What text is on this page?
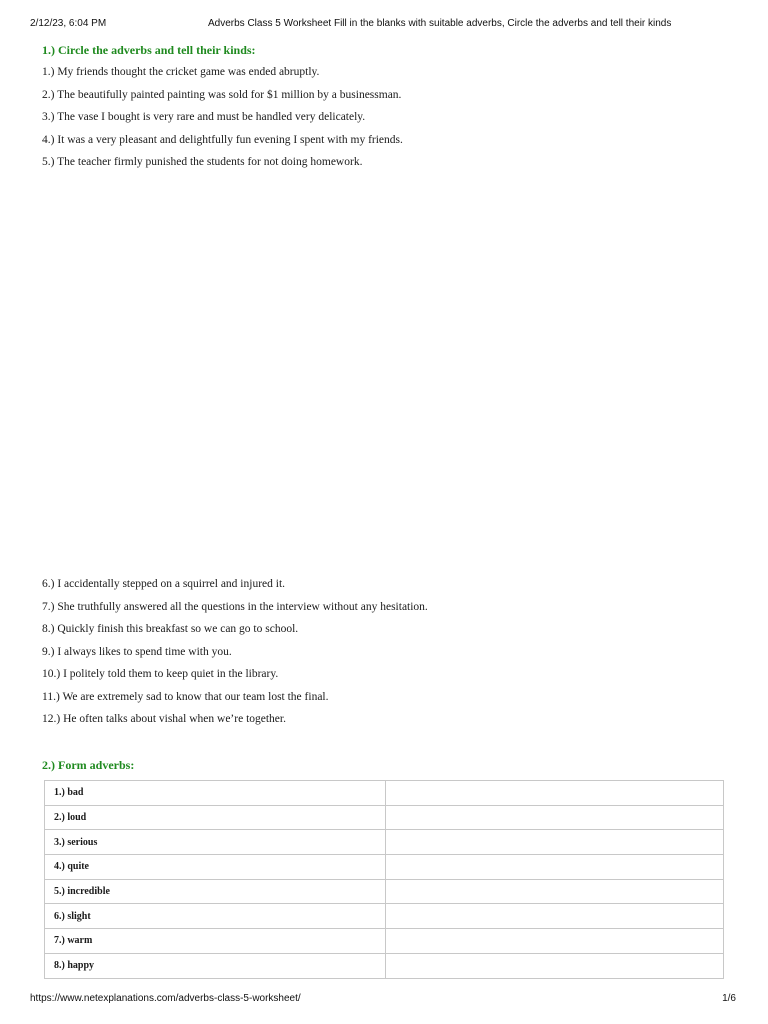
2/12/23, 6:04 PM	Adverbs Class 5 Worksheet Fill in the blanks with suitable adverbs, Circle the adverbs and tell their kinds
1.) Circle the adverbs and tell their kinds:
1.) My friends thought the cricket game was ended abruptly.
2.) The beautifully painted painting was sold for $1 million by a businessman.
3.) The vase I bought is very rare and must be handled very delicately.
4.) It was a very pleasant and delightfully fun evening I spent with my friends.
5.) The teacher firmly punished the students for not doing homework.
6.) I accidentally stepped on a squirrel and injured it.
7.) She truthfully answered all the questions in the interview without any hesitation.
8.) Quickly finish this breakfast so we can go to school.
9.) I always likes to spend time with you.
10.) I politely told them to keep quiet in the library.
11.) We are extremely sad to know that our team lost the final.
12.) He often talks about vishal when we’re together.
2.) Form adverbs:
1.) bad	
2.) loud	
3.) serious	
4.) quite	
5.) incredible	
6.) slight	
7.) warm	
8.) happy	
https://www.netexplanations.com/adverbs-class-5-worksheet/	1/6
